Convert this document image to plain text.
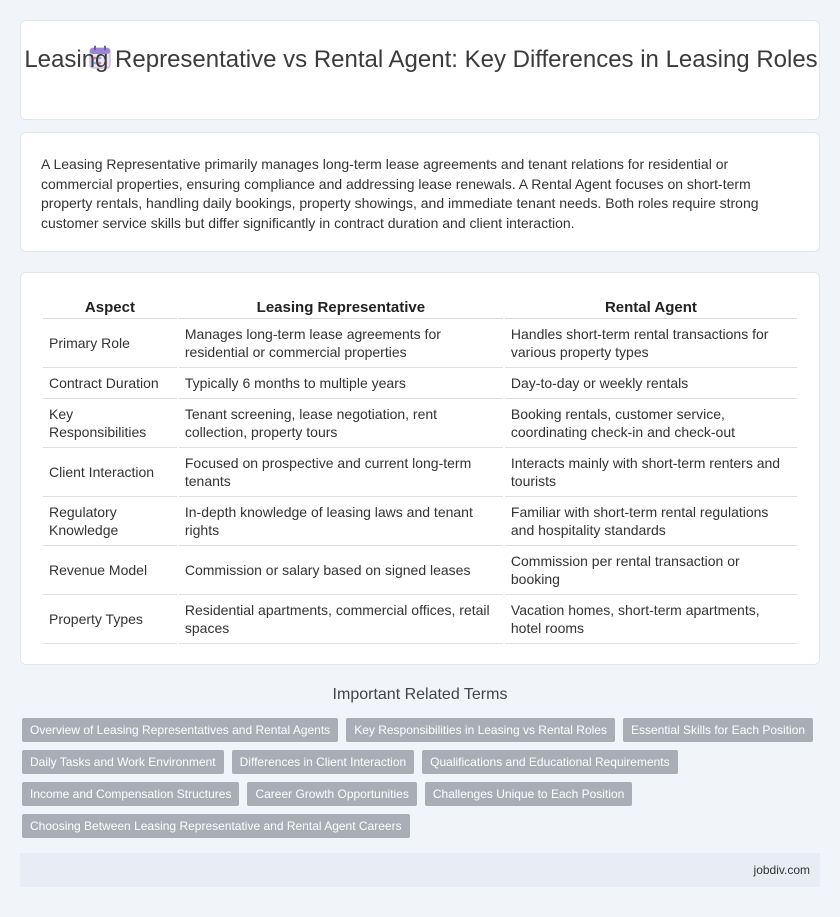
Leasing Representative vs Rental Agent: Key Differences in Leasing Roles

A Leasing Representative primarily manages long-term lease agreements and tenant relations for residential or commercial properties, ensuring compliance and addressing lease renewals. A Rental Agent focuses on short-term property rentals, handling daily bookings, property showings, and immediate tenant needs. Both roles require strong customer service skills but differ significantly in contract duration and client interaction.

Aspect	Leasing Representative	Rental Agent
Primary Role	Manages long-term lease agreements for residential or commercial properties	Handles short-term rental transactions for various property types
Contract Duration	Typically 6 months to multiple years	Day-to-day or weekly rentals
Key Responsibilities	Tenant screening, lease negotiation, rent collection, property tours	Booking rentals, customer service, coordinating check-in and check-out
Client Interaction	Focused on prospective and current long-term tenants	Interacts mainly with short-term renters and tourists
Regulatory Knowledge	In-depth knowledge of leasing laws and tenant rights	Familiar with short-term rental regulations and hospitality standards
Revenue Model	Commission or salary based on signed leases	Commission per rental transaction or booking
Property Types	Residential apartments, commercial offices, retail spaces	Vacation homes, short-term apartments, hotel rooms
Important Related Terms
Overview of Leasing Representatives and Rental Agents	Key Responsibilities in Leasing vs Rental Roles	Essential Skills for Each Position
Daily Tasks and Work Environment	Differences in Client Interaction	Qualifications and Educational Requirements
Income and Compensation Structures	Career Growth Opportunities	Challenges Unique to Each Position
Choosing Between Leasing Representative and Rental Agent Careers
jobdiv.com
